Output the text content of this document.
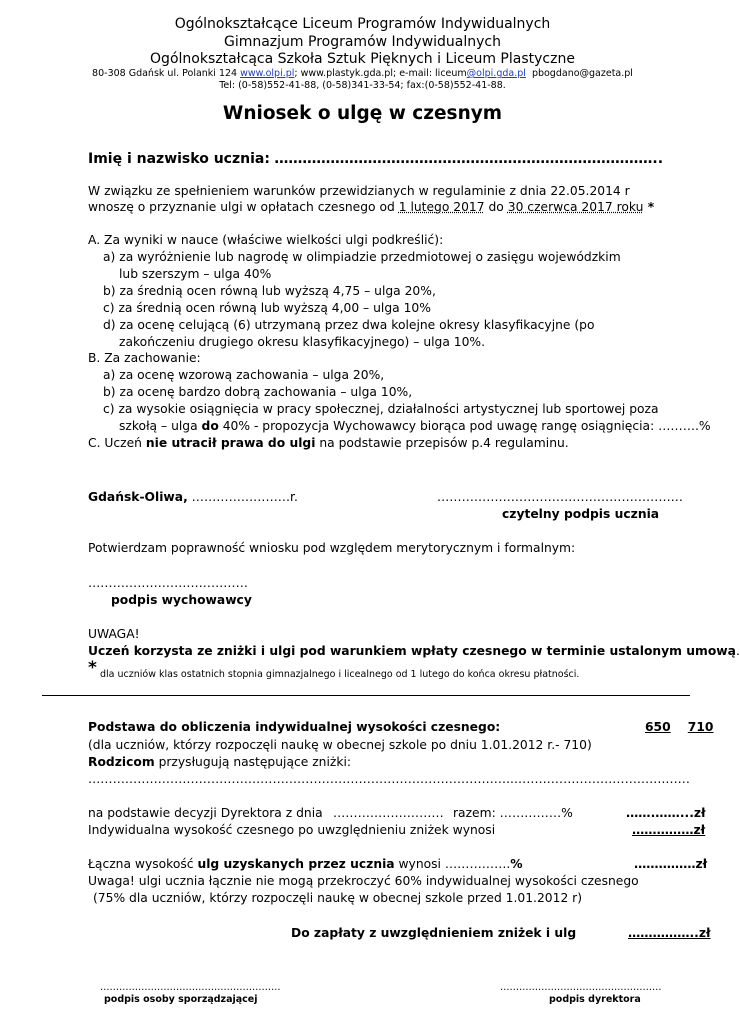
Ogólnokształcące Liceum Programów Indywidualnych
Gimnazjum Programów Indywidualnych
Ogólnokształcąca Szkoła Sztuk Pięknych i Liceum Plastyczne
80-308 Gdańsk ul. Polanki 124 www.olpi.pl; www.plastyk.gda.pl; e-mail: liceum@olpi.gda.pl pbogdano@gazeta.pl
Tel: (0-58)552-41-88, (0-58)341-33-54; fax:(0-58)552-41-88.
Wniosek o ulgę w czesnym
Imię i nazwisko ucznia: ………………………………………………………………………..
W związku ze spełnieniem warunków przewidzianych w regulaminie z dnia 22.05.2014 r
wnoszę o przyznanie ulgi w opłatach czesnego od 1 lutego 2017 do 30 czerwca 2017 roku *
A. Za wyniki w nauce (właściwe wielkości ulgi podkreślić):
a) za wyróżnienie lub nagrodę w olimpiadzie przedmiotowej o zasięgu wojewódzkim
lub szerszym – ulga 40%
b) za średnią ocen równą lub wyższą 4,75 – ulga 20%,
c) za średnią ocen równą lub wyższą 4,00 – ulga 10%
d) za ocenę celującą (6) utrzymaną przez dwa kolejne okresy klasyfikacyjne (po
zakończeniu drugiego okresu klasyfikacyjnego) – ulga 10%.
B. Za zachowanie:
a) za ocenę wzorową zachowania – ulga 20%,
b) za ocenę bardzo dobrą zachowania – ulga 10%,
c) za wysokie osiągnięcia w pracy społecznej, działalności artystycznej lub sportowej poza
szkołą – ulga do 40% - propozycja Wychowawcy biorąca pod uwagę rangę osiągnięcia: ……….%
C. Uczeń nie utracił prawa do ulgi na podstawie przepisów p.4 regulaminu.
Gdańsk-Oliwa, ……………………r.	……………………………………………………
czytelny podpis ucznia
Potwierdzam poprawność wniosku pod względem merytorycznym i formalnym:
…………………………………
podpis wychowawcy
UWAGA!
Uczeń korzysta ze zniżki i ulgi pod warunkiem wpłaty czesnego w terminie ustalonym umową.
* dla uczniów klas ostatnich stopnia gimnazjalnego i licealnego od 1 lutego do końca okresu płatności.
Podstawa do obliczenia indywidualnej wysokości czesnego:	650 710
(dla uczniów, którzy rozpoczęli naukę w obecnej szkole po dniu 1.01.2012 r.- 710)
Rodzicom przysługują następujące zniżki:
…………………………………………………………………………………………..……………………………….……
na podstawie decyzji Dyrektora z dnia ……………………… razem: ……………%	…….……...zł
Indywidualna wysokość czesnego po uwzględnieniu zniżek wynosi	……………zł
Łączna wysokość ulg uzyskanych przez ucznia wynosi …………….%	……………zł
Uwaga! ulgi ucznia łącznie nie mogą przekroczyć 60% indywidualnej wysokości czesnego
(75% dla uczniów, którzy rozpoczęli naukę w obecnej szkole przed 1.01.2012 r)
Do zapłaty z uwzględnieniem zniżek i ulg	……………..zł
…………………………………………………
podpis osoby sporządzającej
……………………………………………
podpis dyrektora
